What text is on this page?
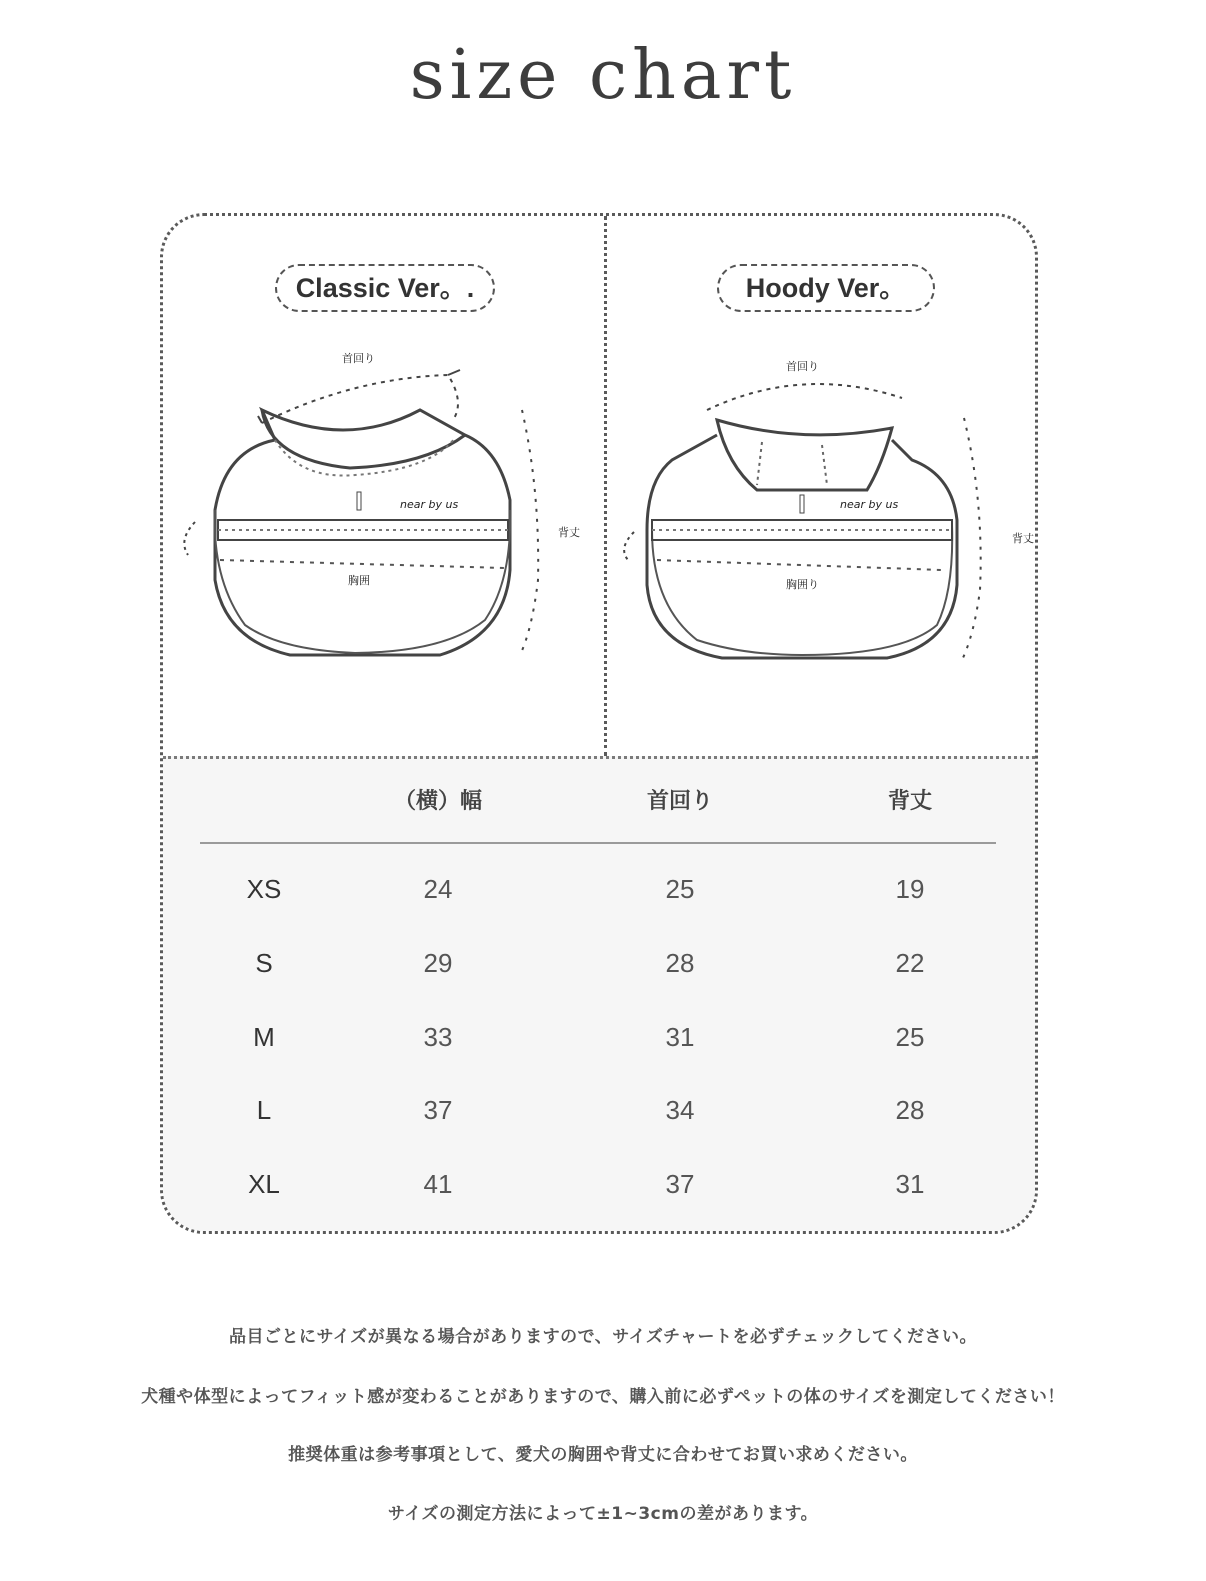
size chart
Classic Ver。.	Hoody Ver。
near by us
首回り
背丈
胸囲
near by us
首回り
背丈
胸囲り
（横）幅	首回り	背丈
XS	24	25	19
S	29	28	22
M	33	31	25
L	37	34	28
XL	41	37	31
品目ごとにサイズが異なる場合がありますので、サイズチャートを必ずチェックしてください。
犬種や体型によってフィット感が変わることがありますので、購入前に必ずペットの体のサイズを測定してください！
推奨体重は参考事項として、愛犬の胸囲や背丈に合わせてお買い求めください。
サイズの測定方法によって±1~3cmの差があります。
